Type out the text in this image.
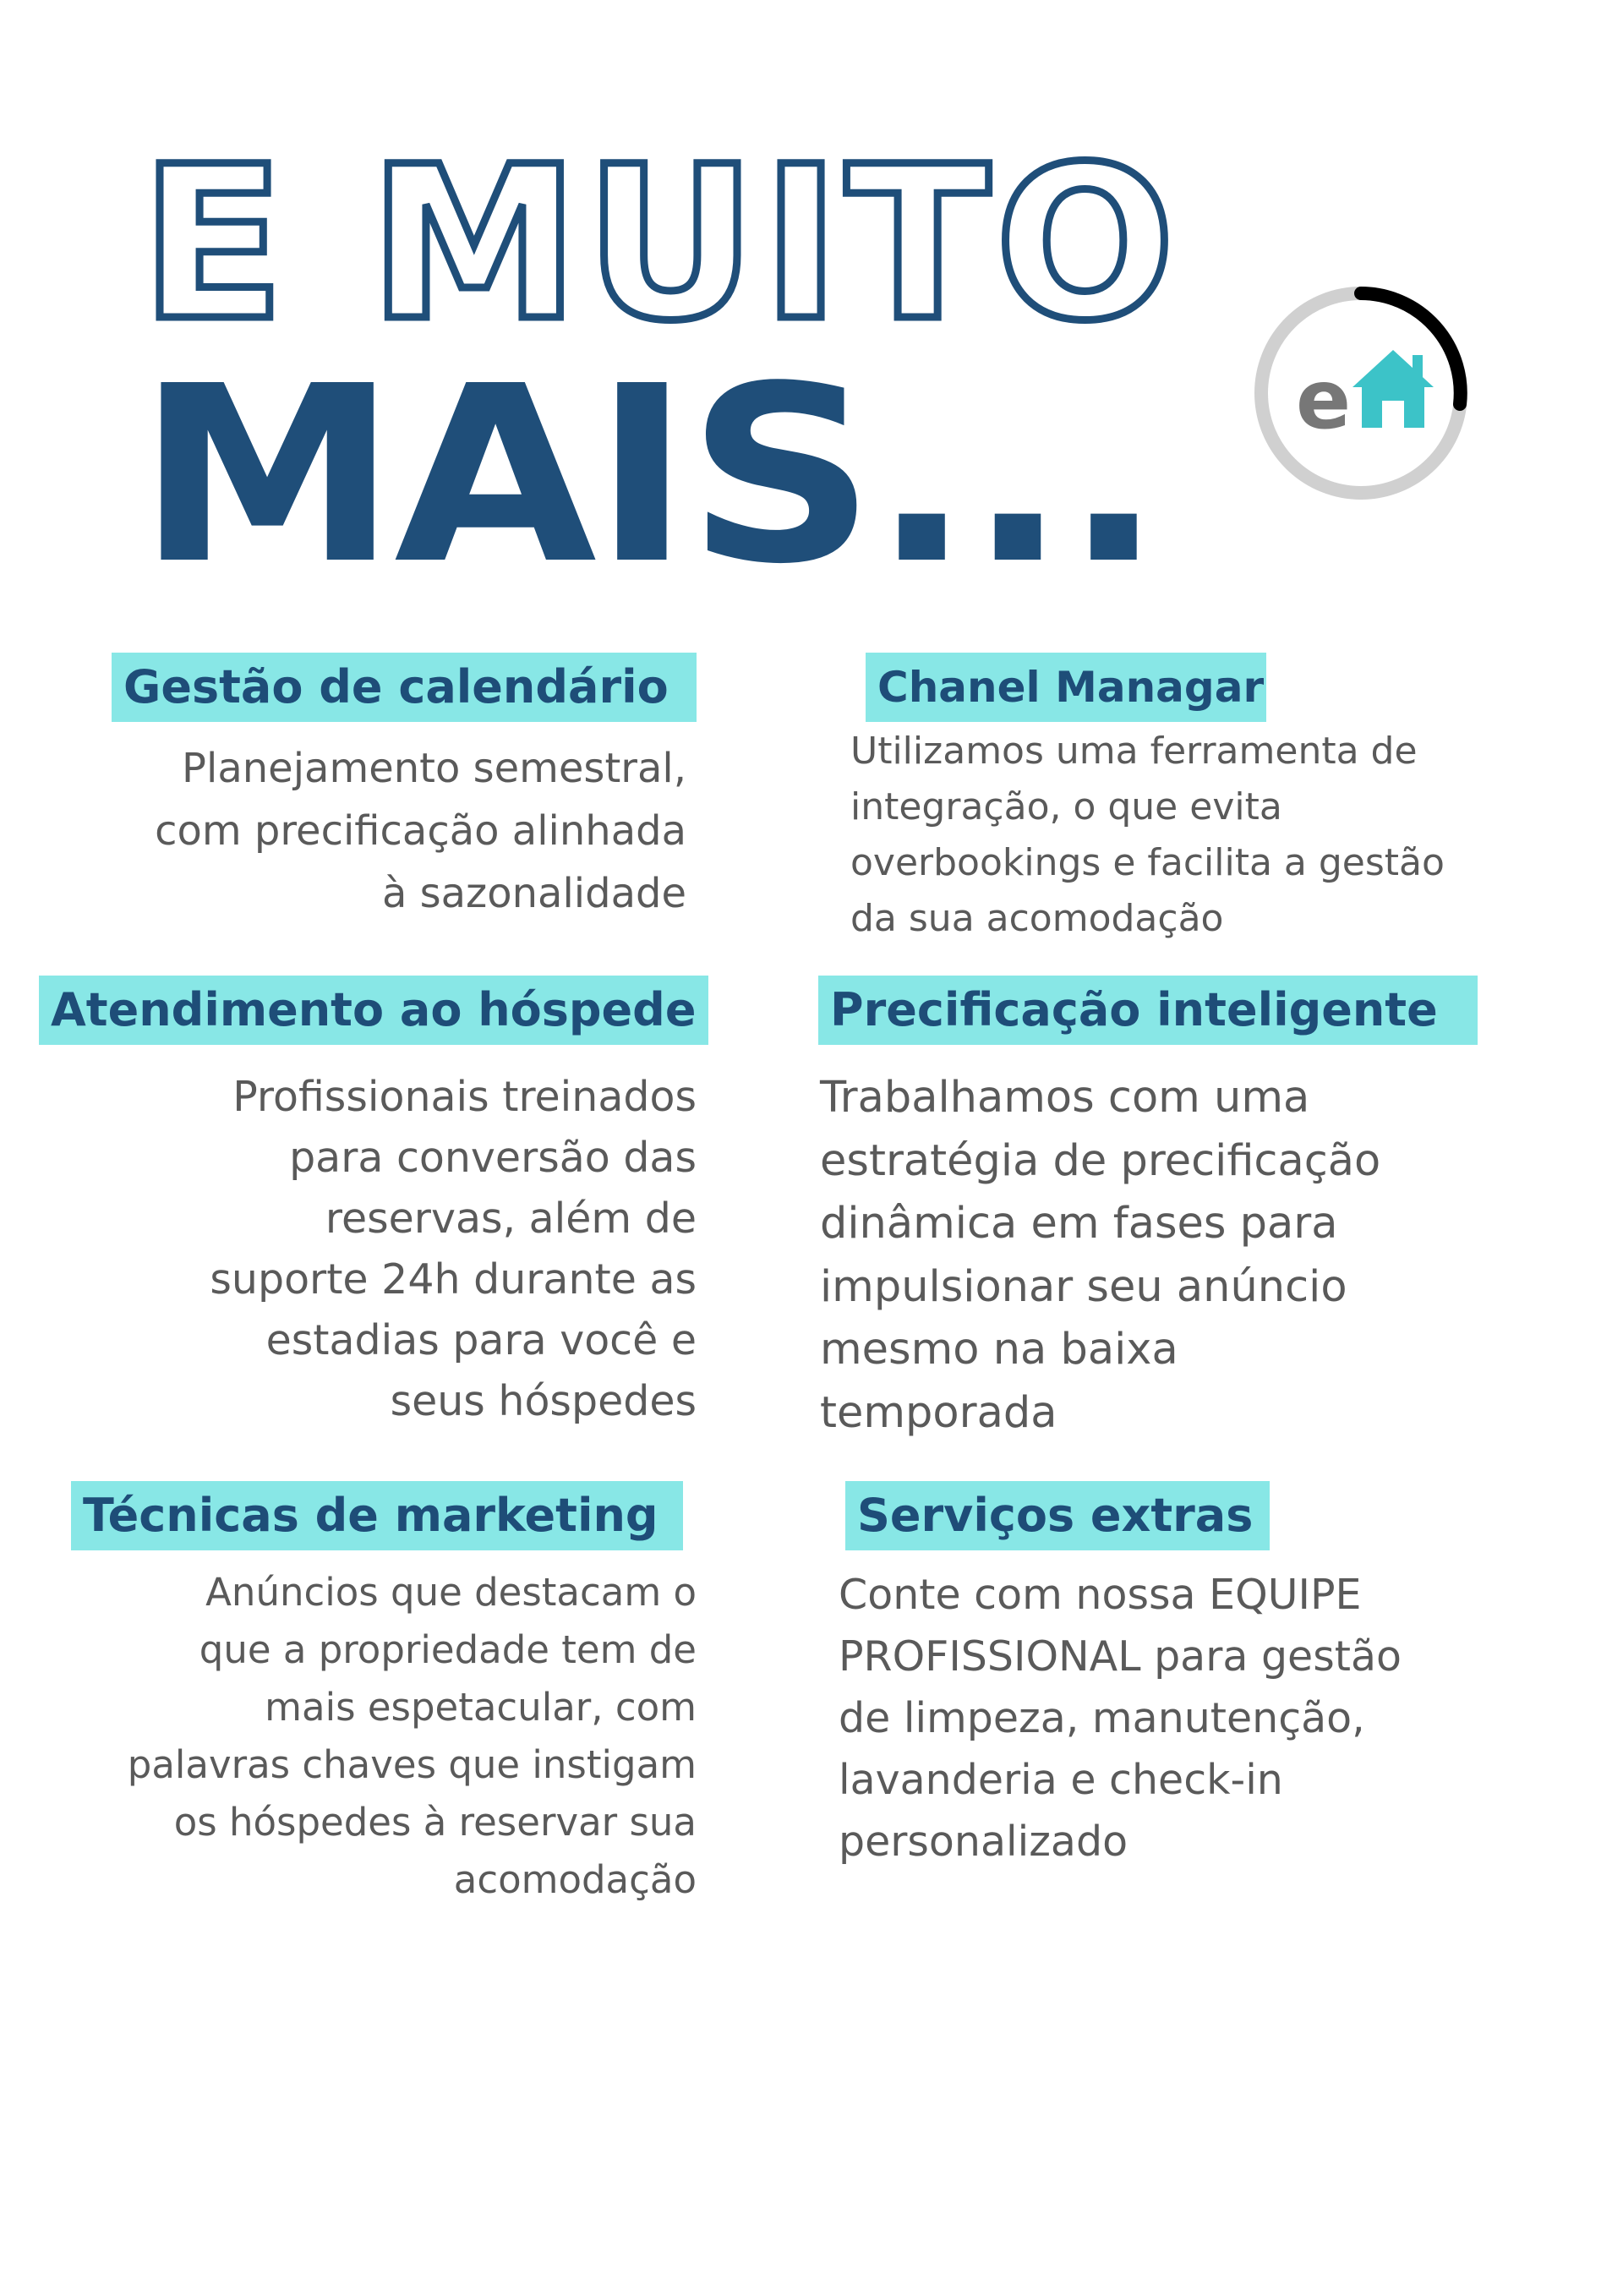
E MUITO
MAIS... e
Gestão de calendário

Planejamento semestral,
com precificação alinhada
à sazonalidade

Chanel Managar

Utilizamos uma ferramenta de
integração, o que evita
overbookings e facilita a gestão
da sua acomodação

Atendimento ao hóspede

Profissionais treinados
para conversão das
reservas, além de
suporte 24h durante as
estadias para você e
seus hóspedes

Precificação inteligente

Trabalhamos com uma
estratégia de precificação
dinâmica em fases para
impulsionar seu anúncio
mesmo na baixa
temporada

Técnicas de marketing

Anúncios que destacam o
que a propriedade tem de
mais espetacular, com
palavras chaves que instigam
os hóspedes à reservar sua
acomodação

Serviços extras

Conte com nossa EQUIPE
PROFISSIONAL para gestão
de limpeza, manutenção,
lavanderia e check-in
personalizado
